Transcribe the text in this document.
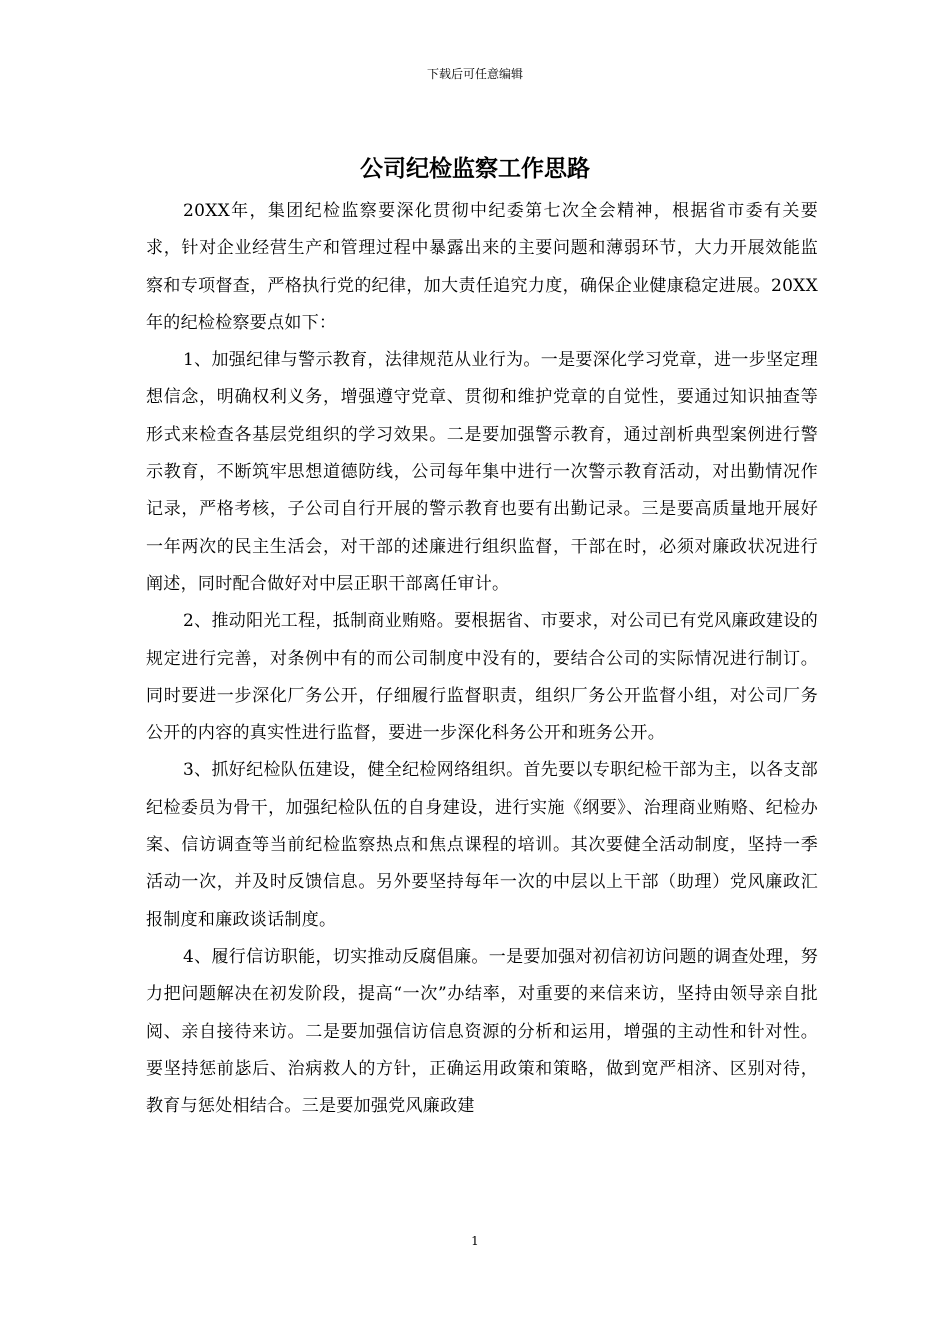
下载后可任意编辑
公司纪检监察工作思路

20XX年，集团纪检监察要深化贯彻中纪委第七次全会精神，根据省市委有关要求，针对企业经营生产和管理过程中暴露出来的主要问题和薄弱环节，大力开展效能监察和专项督查，严格执行党的纪律，加大责任追究力度，确保企业健康稳定进展。20XX年的纪检检察要点如下：

1、加强纪律与警示教育，法律规范从业行为。一是要深化学习党章，进一步坚定理想信念，明确权利义务，增强遵守党章、贯彻和维护党章的自觉性，要通过知识抽查等形式来检查各基层党组织的学习效果。二是要加强警示教育，通过剖析典型案例进行警示教育，不断筑牢思想道德防线，公司每年集中进行一次警示教育活动，对出勤情况作记录，严格考核，子公司自行开展的警示教育也要有出勤记录。三是要高质量地开展好一年两次的民主生活会，对干部的述廉进行组织监督，干部在时，必须对廉政状况进行阐述，同时配合做好对中层正职干部离任审计。

2、推动阳光工程，抵制商业贿赂。要根据省、市要求，对公司已有党风廉政建设的规定进行完善，对条例中有的而公司制度中没有的，要结合公司的实际情况进行制订。同时要进一步深化厂务公开，仔细履行监督职责，组织厂务公开监督小组，对公司厂务公开的内容的真实性进行监督，要进一步深化科务公开和班务公开。

3、抓好纪检队伍建设，健全纪检网络组织。首先要以专职纪检干部为主，以各支部纪检委员为骨干，加强纪检队伍的自身建设，进行实施《纲要》、治理商业贿赂、纪检办案、信访调查等当前纪检监察热点和焦点课程的培训。其次要健全活动制度，坚持一季活动一次，并及时反馈信息。另外要坚持每年一次的中层以上干部（助理）党风廉政汇报制度和廉政谈话制度。

4、履行信访职能，切实推动反腐倡廉。一是要加强对初信初访问题的调查处理，努力把问题解决在初发阶段，提高“一次”办结率，对重要的来信来访，坚持由领导亲自批阅、亲自接待来访。二是要加强信访信息资源的分析和运用，增强的主动性和针对性。要坚持惩前毖后、治病救人的方针，正确运用政策和策略，做到宽严相济、区别对待，教育与惩处相结合。三是要加强党风廉政建

1
